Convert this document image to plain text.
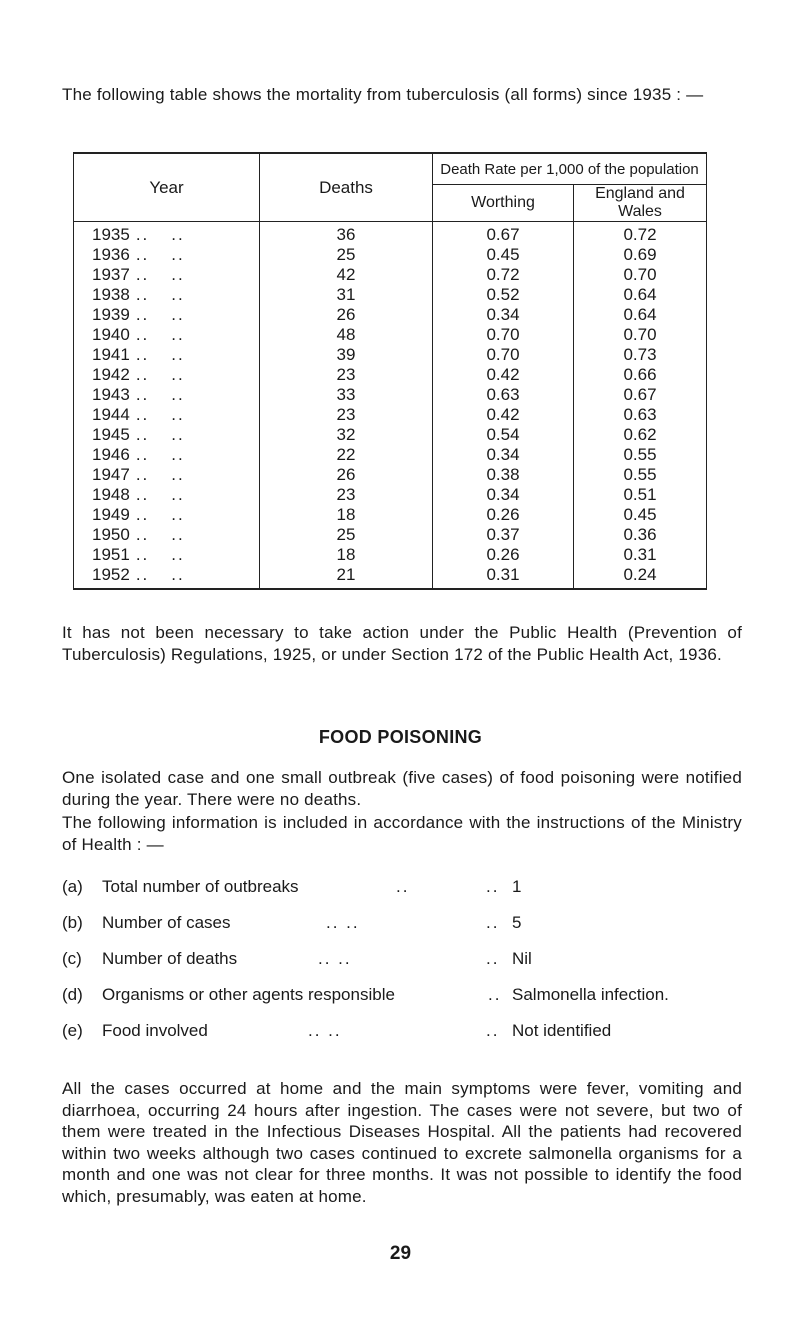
The following table shows the mortality from tuberculosis (all forms) since 1935 : —
Year	Deaths	Death Rate per 1,000 of the population	
		Worthing	England and Wales
1935 .. ..	36	0.67	0.72
1936 .. ..	25	0.45	0.69
1937 .. ..	42	0.72	0.70
1938 .. ..	31	0.52	0.64
1939 .. ..	26	0.34	0.64
1940 .. ..	48	0.70	0.70
1941 .. ..	39	0.70	0.73
1942 .. ..	23	0.42	0.66
1943 .. ..	33	0.63	0.67
1944 .. ..	23	0.42	0.63
1945 .. ..	32	0.54	0.62
1946 .. ..	22	0.34	0.55
1947 .. ..	26	0.38	0.55
1948 .. ..	23	0.34	0.51
1949 .. ..	18	0.26	0.45
1950 .. ..	25	0.37	0.36
1951 .. ..	18	0.26	0.31
1952 .. ..	21	0.31	0.24
It has not been necessary to take action under the Public Health (Prevention of Tuberculosis) Regulations, 1925, or under Section 172 of the Public Health Act, 1936.
FOOD POISONING
One isolated case and one small outbreak (five cases) of food poisoning were notified during the year. There were no deaths.
The following information is included in accordance with the instructions of the Ministry of Health : —
(a) Total number of outbreaks	..	.. 1
(b) Number of cases	.. ..	.. 5
(c) Number of deaths	.. ..	.. Nil
(d) Organisms or other agents responsible	.. Salmonella infection.
(e) Food involved	.. ..	.. Not identified
All the cases occurred at home and the main symptoms were fever, vomiting and diarrhoea, occurring 24 hours after ingestion. The cases were not severe, but two of them were treated in the Infectious Diseases Hospital. All the patients had recovered within two weeks although two cases continued to excrete salmonella organisms for a month and one was not clear for three months. It was not possible to identify the food which, presumably, was eaten at home.
29
